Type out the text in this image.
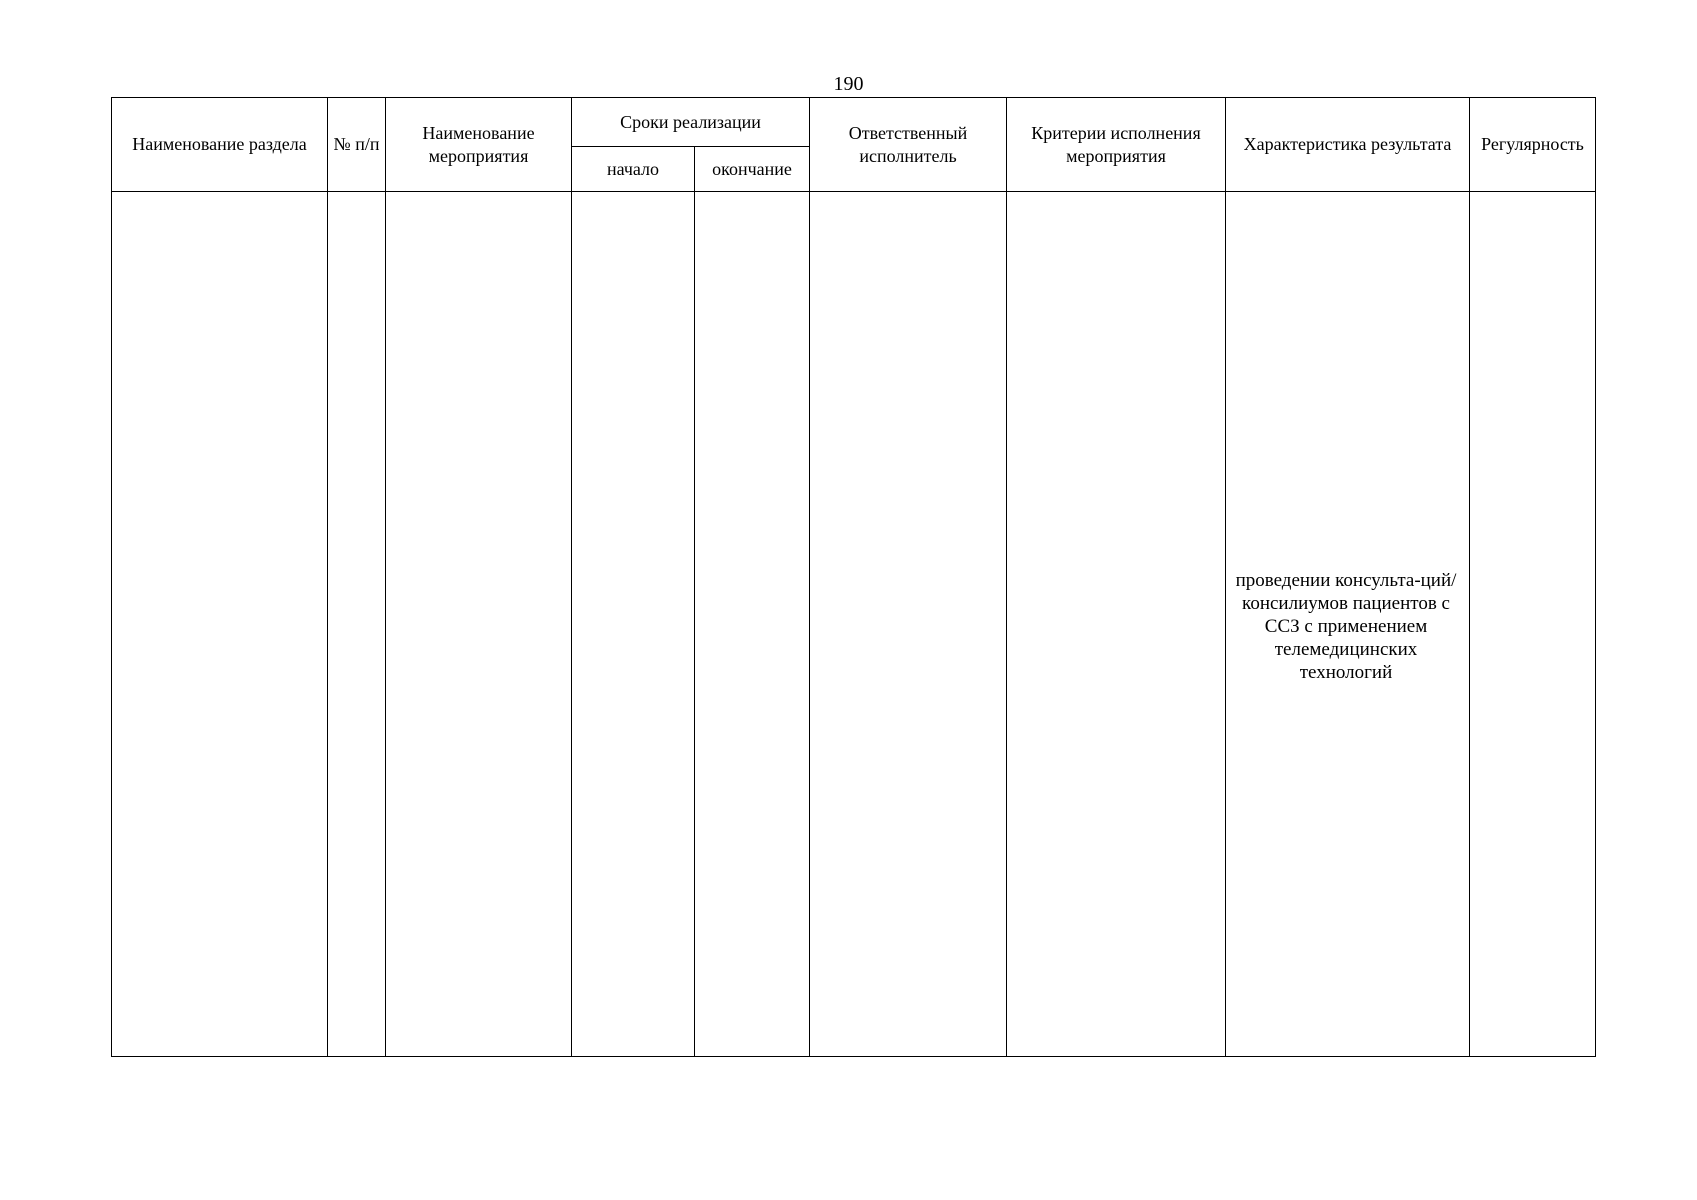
190
Наименование раздела	№ п/п	Наименование мероприятия	Сроки реализации		Ответственный исполнитель	Критерии исполнения мероприятия	Характеристика результата	Регулярность
			начало	окончание				

							проведении консульта-ций/консилиумов пациентов с ССЗ с применением телемедицинских технологий	
